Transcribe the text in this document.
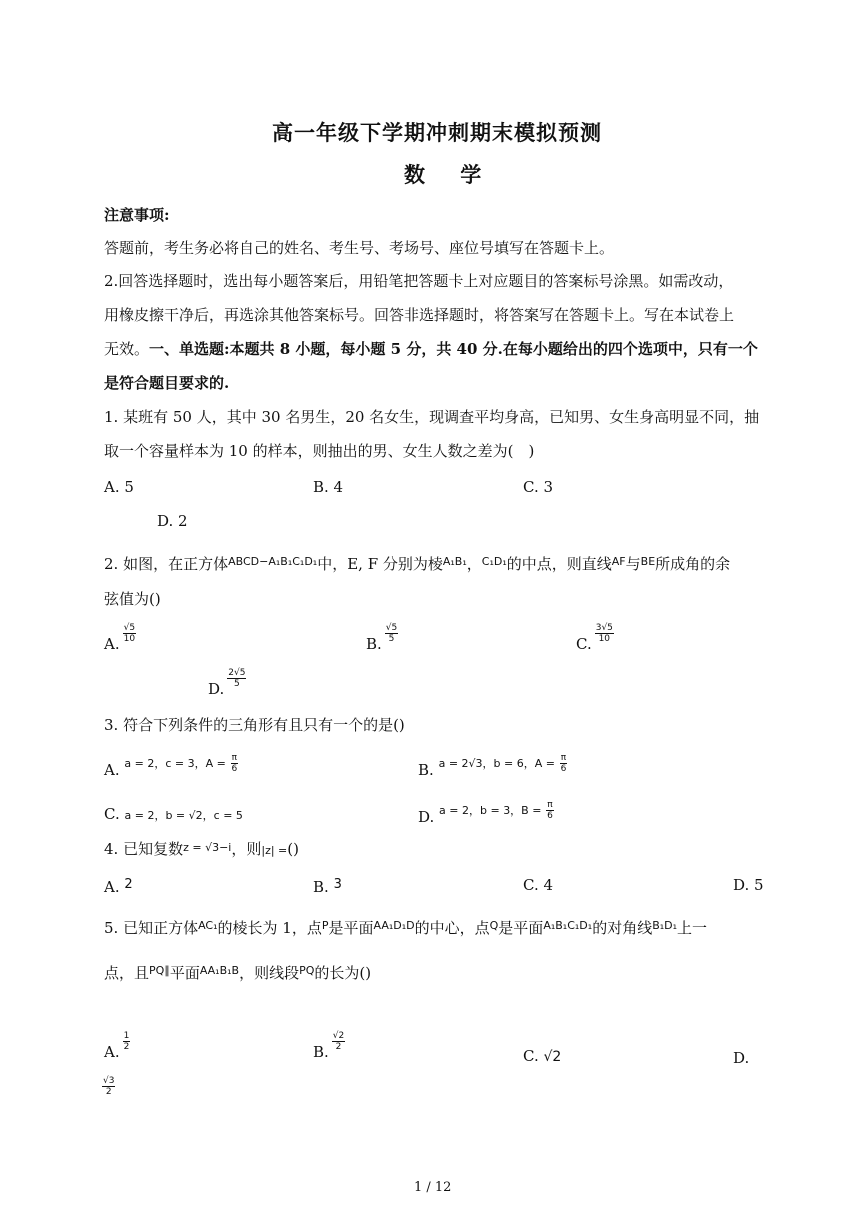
高一年级下学期冲刺期末模拟预测
数 学
注意事项:
答题前，考生务必将自己的姓名、考生号、考场号、座位号填写在答题卡上。
2.回答选择题时，选出每小题答案后，用铅笔把答题卡上对应题目的答案标号涂黑。如需改动，
用橡皮擦干净后，再选涂其他答案标号。回答非选择题时，将答案写在答题卡上。写在本试卷上
无效。一、单选题:本题共 8 小题，每小题 5 分，共 40 分.在每小题给出的四个选项中，只有一个
是符合题目要求的.
1. 某班有 50 人，其中 30 名男生，20 名女生，现调查平均身高，已知男、女生身高明显不同，抽
取一个容量样本为 10 的样本，则抽出的男、女生人数之差为(　)
A. 5	B. 4	C. 3
D. 2
2. 如图，在正方体$^{ABCD-A_1B_1C_1D_1}$中，E, F 分别为棱$^{A_1B_1}$，$^{C_1D_1}$的中点，则直线$^{AF}$与$^{BE}$所成角的余
弦值为()
A.
$\frac{√5}{10}$
B.
$\frac{√5}{5}$
C.
$\frac{3√5}{10}$
D.
$\frac{2√5}{5}$
3. 符合下列条件的三角形有且只有一个的是()
A. a = 2，c = 3，$A = \frac{\pi}{6}$	B. a = 2√3，b = 6，$A = \frac{\pi}{6}$
C. a = 2，b = √2，c = 5	D. a = 2，b = 3，$B = \frac{\pi}{6}$
4. 已知复数$^{z = √3-i}$，则|z| =()
A. 2	B. 3	C. 4	D. 5
5. 已知正方体$^{AC_1}$的棱长为 1，点$^P$是平面$^{AA_1D_1D}$的中心，点$^Q$是平面$^{A_1B_1C_1D_1}$的对角线$^{B_1D_1}$上一
点，且$^{PQ\parallel}$平面$^{AA_1B_1B}$，则线段$^{PQ}$的长为()
A.
$\frac{1}{2}$
B.
$\frac{√2}{2}$
C. √2	D.
$\frac{√3}{2}$
1 / 12
